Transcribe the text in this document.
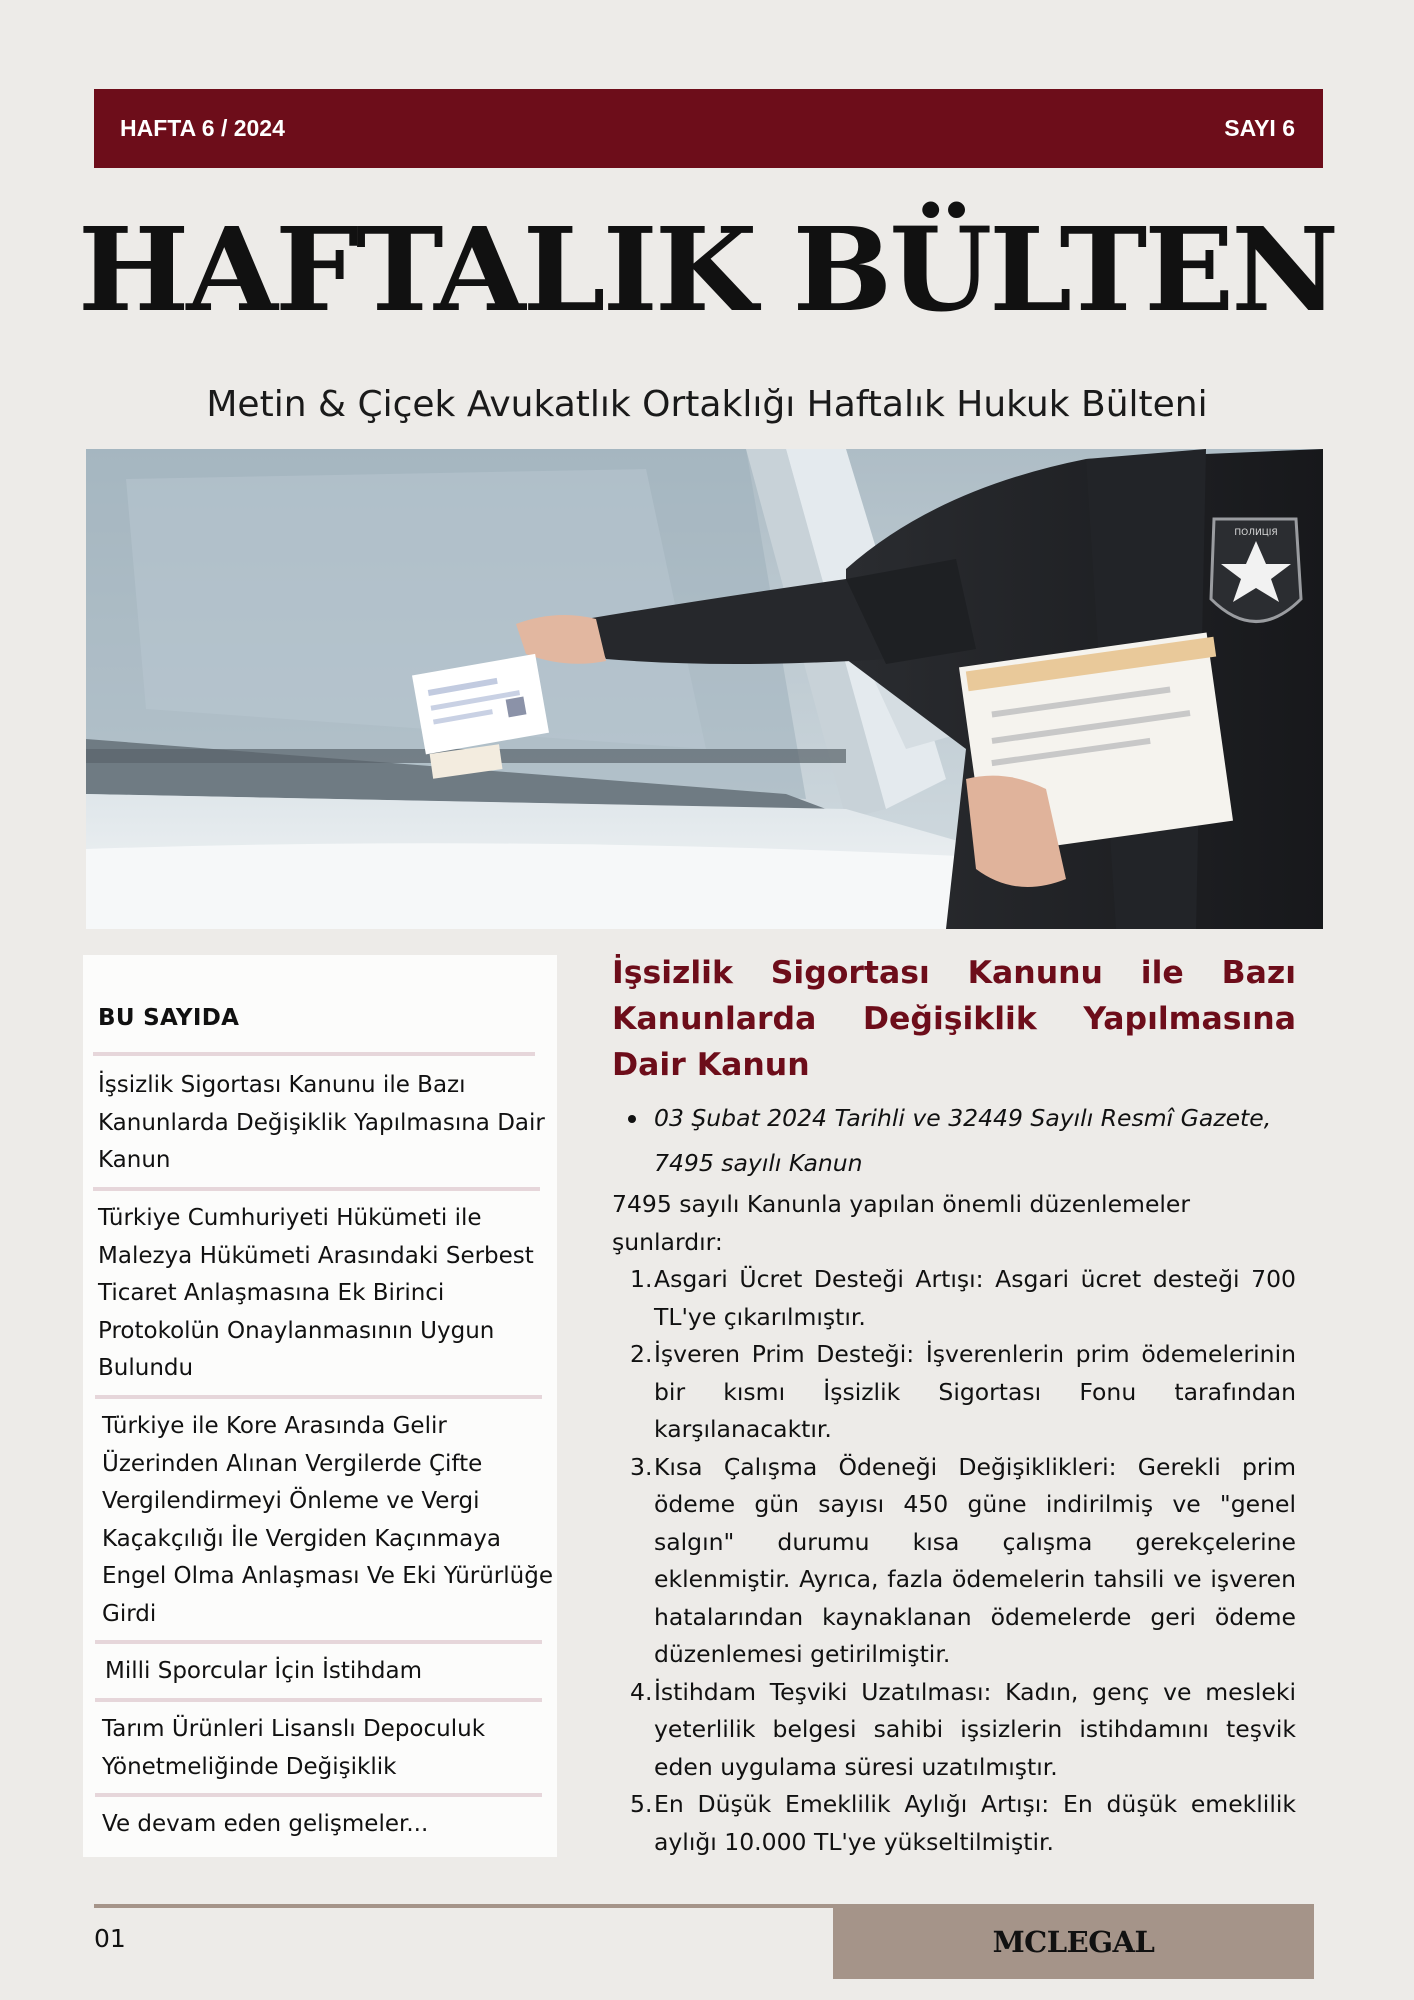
HAFTA 6 / 2024	SAYI 6
HAFTALIK BÜLTEN
Metin & Çiçek Avukatlık Ortaklığı Haftalık Hukuk Bülteni
ПОЛИЦІЯ
BU SAYIDA
İşsizlik Sigortası Kanunu ile Bazı
Kanunlarda Değişiklik Yapılmasına Dair
Kanun
Türkiye Cumhuriyeti Hükümeti ile
Malezya Hükümeti Arasındaki Serbest
Ticaret Anlaşmasına Ek Birinci
Protokolün Onaylanmasının Uygun
Bulundu
Türkiye ile Kore Arasında Gelir
Üzerinden Alınan Vergilerde Çifte
Vergilendirmeyi Önleme ve Vergi
Kaçakçılığı İle Vergiden Kaçınmaya
Engel Olma Anlaşması Ve Eki Yürürlüğe
Girdi
Milli Sporcular İçin İstihdam
Tarım Ürünleri Lisanslı Depoculuk
Yönetmeliğinde Değişiklik
Ve devam eden gelişmeler...
İşsizlik Sigortası Kanunu ile Bazı Kanunlarda Değişiklik Yapılmasına Dair Kanun
03 Şubat 2024 Tarihli ve 32449 Sayılı Resmî Gazete, 7495 sayılı Kanun

7495 sayılı Kanunla yapılan önemli düzenlemeler şunlardır:

1. Asgari Ücret Desteği Artışı: Asgari ücret desteği 700 TL'ye çıkarılmıştır.
2. İşveren Prim Desteği: İşverenlerin prim ödemelerinin bir kısmı İşsizlik Sigortası Fonu tarafından karşılanacaktır.
3. Kısa Çalışma Ödeneği Değişiklikleri: Gerekli prim ödeme gün sayısı 450 güne indirilmiş ve "genel salgın" durumu kısa çalışma gerekçelerine eklenmiştir. Ayrıca, fazla ödemelerin tahsili ve işveren hatalarından kaynaklanan ödemelerde geri ödeme düzenlemesi getirilmiştir.
4. İstihdam Teşviki Uzatılması: Kadın, genç ve mesleki yeterlilik belgesi sahibi işsizlerin istihdamını teşvik eden uygulama süresi uzatılmıştır.
5. En Düşük Emeklilik Aylığı Artışı: En düşük emeklilik aylığı 10.000 TL'ye yükseltilmiştir.
01	MCLEGAL
